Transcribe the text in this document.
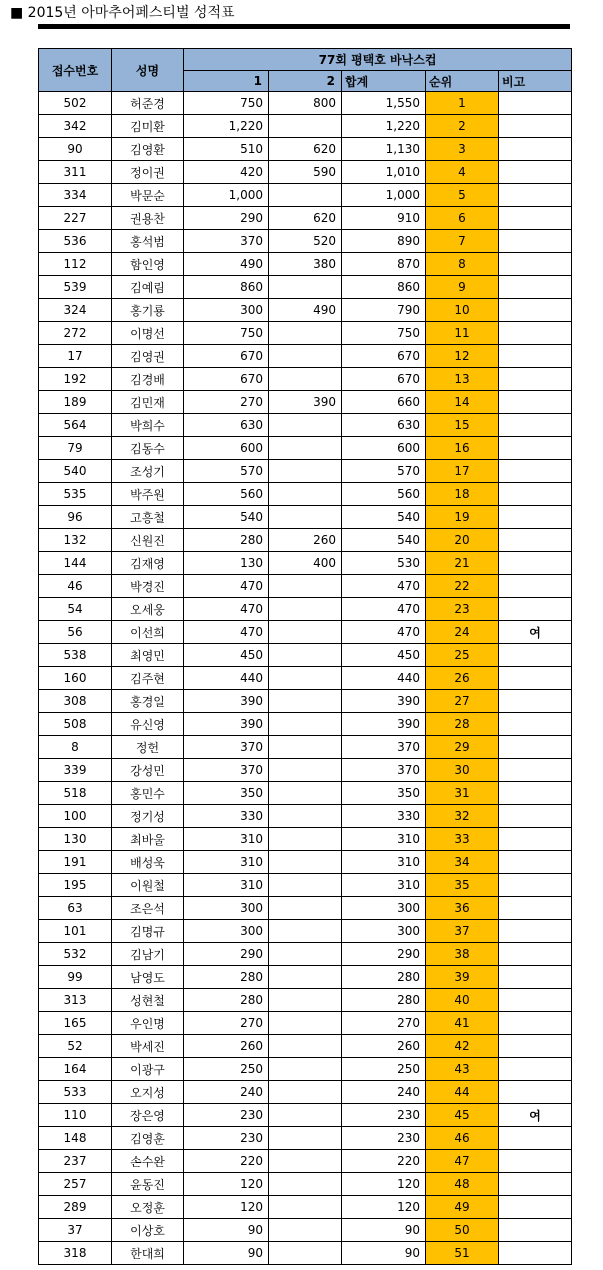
■ 2015년 아마추어페스티벌 성적표
접수번호	성명	77회 평택호 바낙스컵				
		1	2	합계	순위	비고
502	허준경	750	800	1,550	1	
342	김미환	1,220		1,220	2	
90	김영환	510	620	1,130	3	
311	정이권	420	590	1,010	4	
334	박문순	1,000		1,000	5	
227	권용찬	290	620	910	6	
536	홍석범	370	520	890	7	
112	함인영	490	380	870	8	
539	김예림	860		860	9	
324	홍기룡	300	490	790	10	
272	이명선	750		750	11	
17	김영권	670		670	12	
192	김경배	670		670	13	
189	김민재	270	390	660	14	
564	박희수	630		630	15	
79	김동수	600		600	16	
540	조성기	570		570	17	
535	박주원	560		560	18	
96	고흥철	540		540	19	
132	신원진	280	260	540	20	
144	김재영	130	400	530	21	
46	박경진	470		470	22	
54	오세웅	470		470	23	
56	이선희	470		470	24	여
538	최영민	450		450	25	
160	김주현	440		440	26	
308	홍경일	390		390	27	
508	유신영	390		390	28	
8	정헌	370		370	29	
339	강성민	370		370	30	
518	홍민수	350		350	31	
100	정기성	330		330	32	
130	최바울	310		310	33	
191	배성욱	310		310	34	
195	이원철	310		310	35	
63	조은석	300		300	36	
101	김명규	300		300	37	
532	김남기	290		290	38	
99	남영도	280		280	39	
313	성현철	280		280	40	
165	우인명	270		270	41	
52	박세진	260		260	42	
164	이광구	250		250	43	
533	오지성	240		240	44	
110	장은영	230		230	45	여
148	김영훈	230		230	46	
237	손수완	220		220	47	
257	윤동진	120		120	48	
289	오정훈	120		120	49	
37	이상호	90		90	50	
318	한대희	90		90	51	
